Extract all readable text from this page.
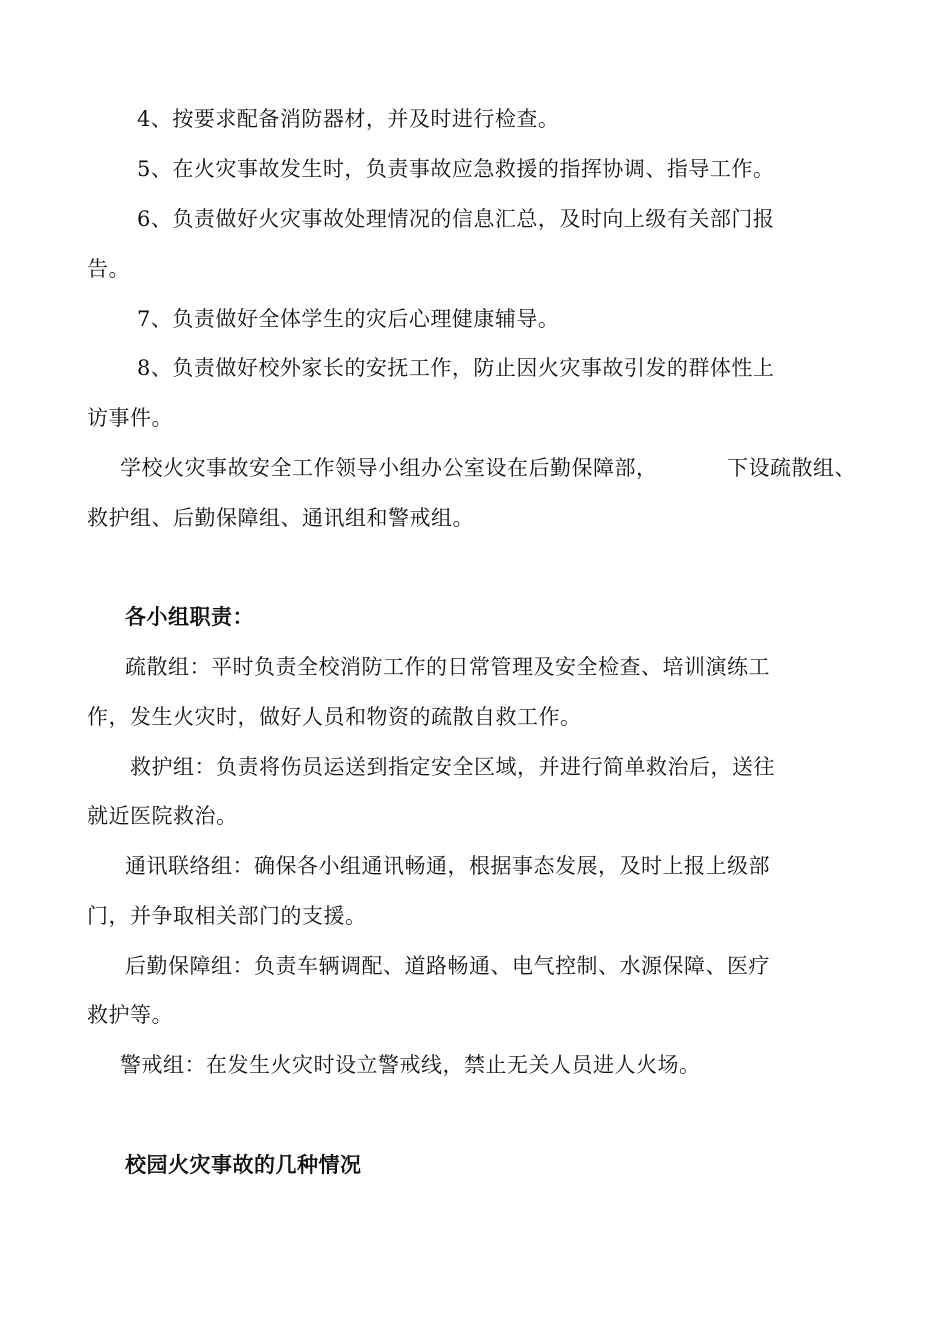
4、按要求配备消防器材，并及时进行检查。
5、在火灾事故发生时，负责事故应急救援的指挥协调、指导工作。
6、负责做好火灾事故处理情况的信息汇总，及时向上级有关部门报
告。
7、负责做好全体学生的灾后心理健康辅导。
8、负责做好校外家长的安抚工作，防止因火灾事故引发的群体性上
访事件。
学校火灾事故安全工作领导小组办公室设在后勤保障部，	下设疏散组、
救护组、后勤保障组、通讯组和警戒组。
各小组职责：
疏散组：平时负责全校消防工作的日常管理及安全检查、培训演练工
作，发生火灾时，做好人员和物资的疏散自救工作。
救护组：负责将伤员运送到指定安全区域，并进行简单救治后，送往
就近医院救治。
通讯联络组：确保各小组通讯畅通，根据事态发展，及时上报上级部
门，并争取相关部门的支援。
后勤保障组：负责车辆调配、道路畅通、电气控制、水源保障、医疗
救护等。
警戒组：在发生火灾时设立警戒线，禁止无关人员进人火场。
校园火灾事故的几种情况
